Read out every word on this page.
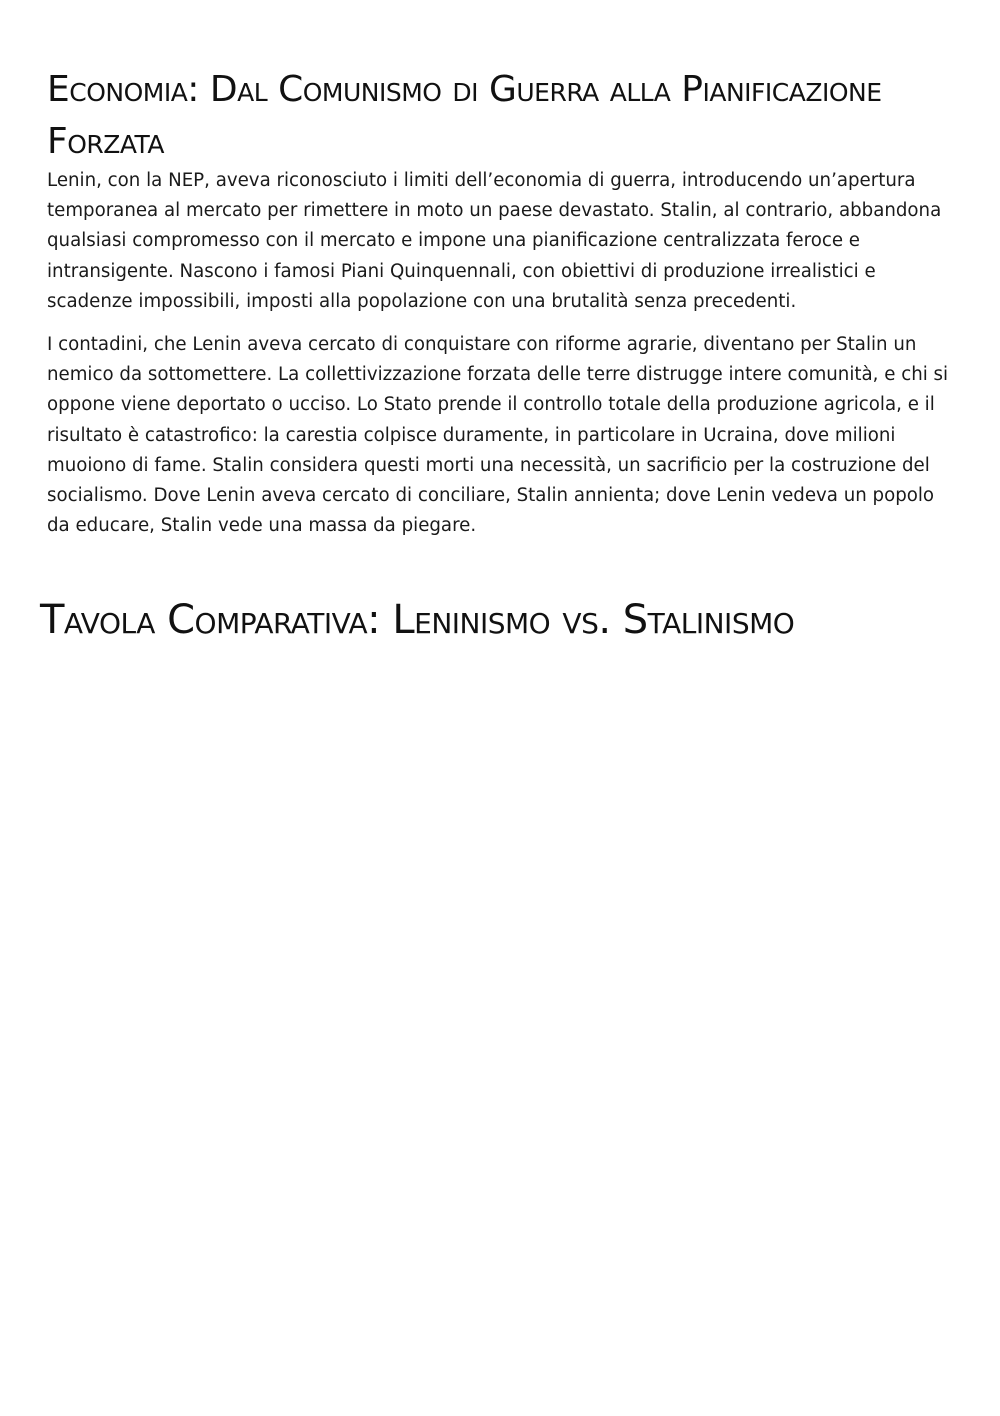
Economia: Dal Comunismo di Guerra alla Pianificazione Forzata

Lenin, con la NEP, aveva riconosciuto i limiti dell’economia di guerra, introducendo un’apertura temporanea al mercato per rimettere in moto un paese devastato. Stalin, al contrario, abbandona qualsiasi compromesso con il mercato e impone una pianificazione centralizzata feroce e intransigente. Nascono i famosi Piani Quinquennali, con obiettivi di produzione irrealistici e scadenze impossibili, imposti alla popolazione con una brutalità senza precedenti.

I contadini, che Lenin aveva cercato di conquistare con riforme agrarie, diventano per Stalin un nemico da sottomettere. La collettivizzazione forzata delle terre distrugge intere comunità, e chi si oppone viene deportato o ucciso. Lo Stato prende il controllo totale della produzione agricola, e il risultato è catastrofico: la carestia colpisce duramente, in particolare in Ucraina, dove milioni muoiono di fame. Stalin considera questi morti una necessità, un sacrificio per la costruzione del socialismo. Dove Lenin aveva cercato di conciliare, Stalin annienta; dove Lenin vedeva un popolo da educare, Stalin vede una massa da piegare.

Tavola Comparativa: Leninismo vs. Stalinismo
